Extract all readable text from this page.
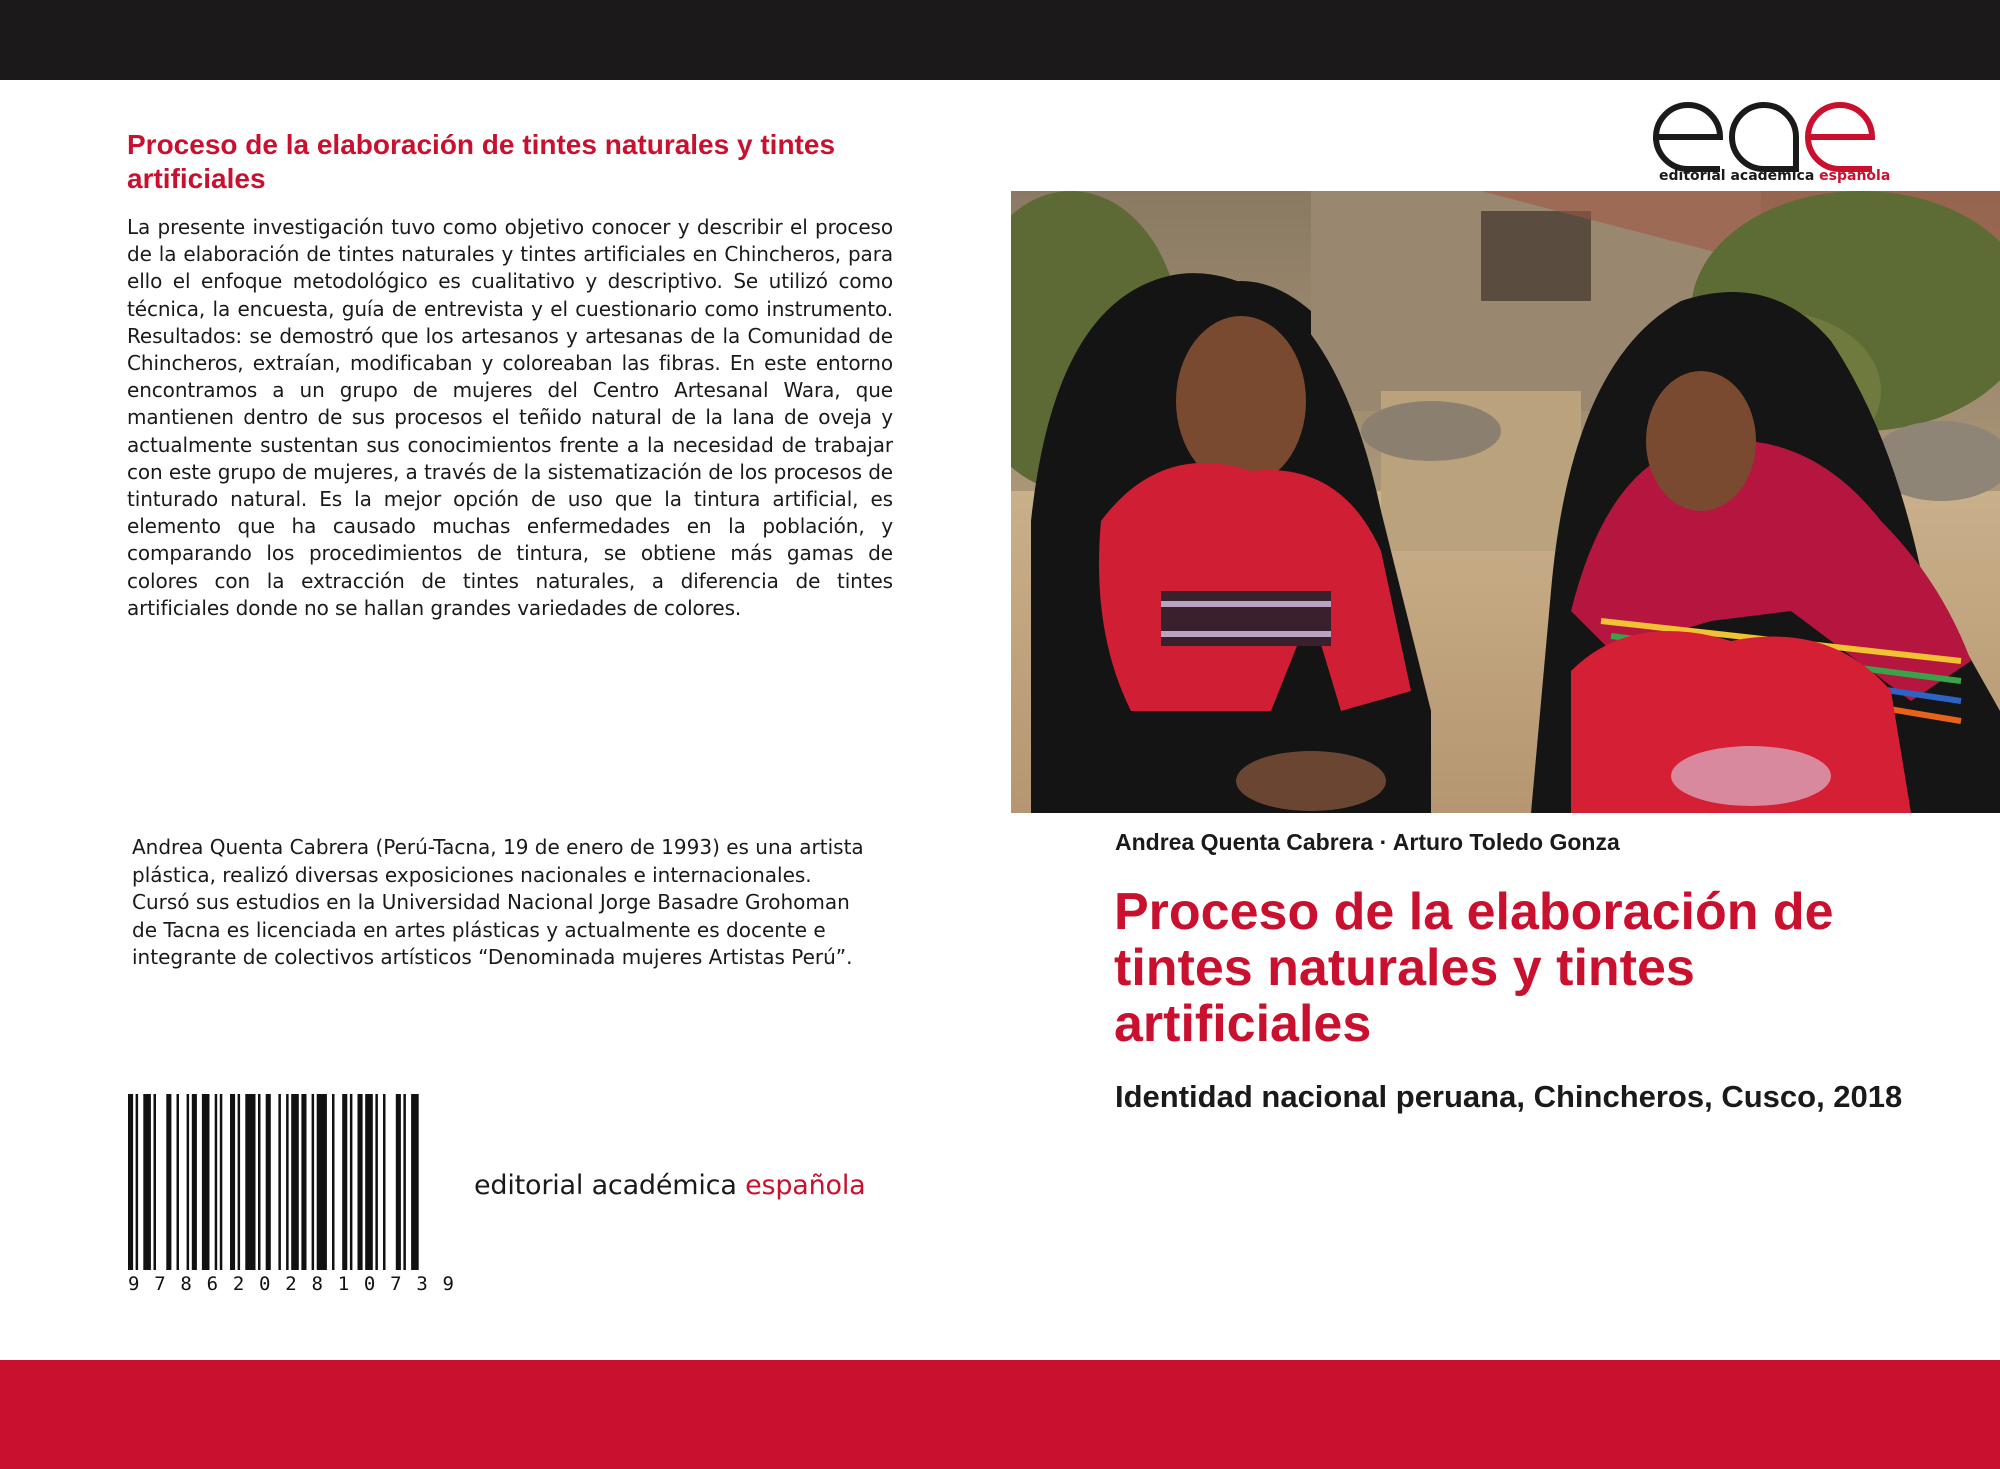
Proceso de la elaboración de tintes naturales y tintes artificiales

La presente investigación tuvo como objetivo conocer y describir el proceso de la elaboración de tintes naturales y tintes artificiales en Chincheros, para ello el enfoque metodológico es cualitativo y descriptivo. Se utilizó como técnica, la encuesta, guía de entrevista y el cuestionario como instrumento. Resultados: se demostró que los artesanos y artesanas de la Comunidad de Chincheros, extraían, modificaban y coloreaban las fibras. En este entorno encontramos a un grupo de mujeres del Centro Artesanal Wara, que mantienen dentro de sus procesos el teñido natural de la lana de oveja y actualmente sustentan sus conocimientos frente a la necesidad de trabajar con este grupo de mujeres, a través de la sistematización de los procesos de tinturado natural. Es la mejor opción de uso que la tintura artificial, es elemento que ha causado muchas enfermedades en la población, y comparando los procedimientos de tintura, se obtiene más gamas de colores con la extracción de tintes naturales, a diferencia de tintes artificiales donde no se hallan grandes variedades de colores.

Andrea Quenta Cabrera (Perú-Tacna, 19 de enero de 1993) es una artista plástica, realizó diversas exposiciones nacionales e internacionales. Cursó sus estudios en la Universidad Nacional Jorge Basadre Grohoman de Tacna es licenciada en artes plásticas y actualmente es docente e integrante de colectivos artísticos “Denominada mujeres Artistas Perú”.

9 7 8 6 2 0 2 8 1 0 7 3 9
editorial académica española
editorial académica española
Andrea Quenta Cabrera · Arturo Toledo Gonza
Proceso de la elaboración de tintes naturales y tintes artificiales
Identidad nacional peruana, Chincheros, Cusco, 2018
